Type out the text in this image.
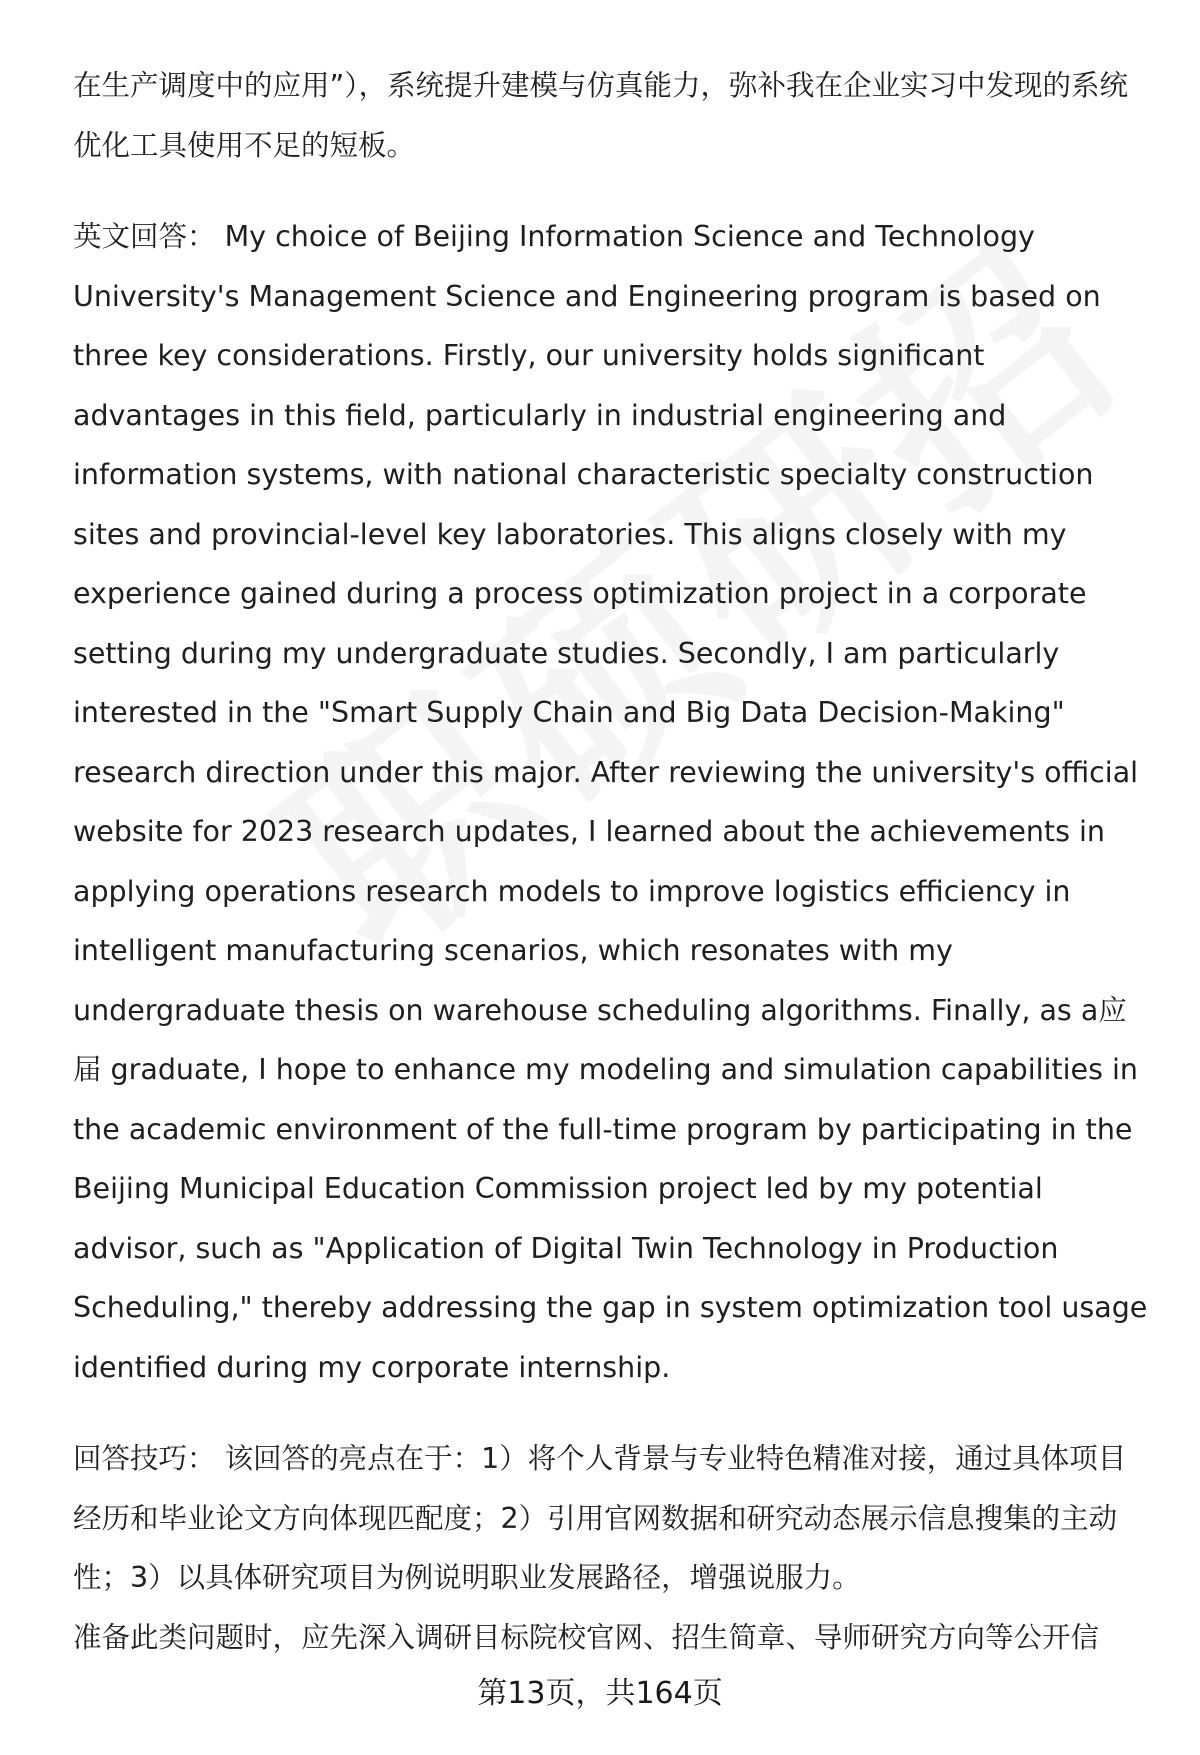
在生产调度中的应用”），系统提升建模与仿真能力，弥补我在企业实习中发现的系统优化工具使用不足的短板。

英文回答： My choice of Beijing Information Science and Technology University's Management Science and Engineering program is based on three key considerations. Firstly, our university holds significant advantages in this field, particularly in industrial engineering and information systems, with national characteristic specialty construction sites and provincial-level key laboratories. This aligns closely with my experience gained during a process optimization project in a corporate setting during my undergraduate studies. Secondly, I am particularly interested in the "Smart Supply Chain and Big Data Decision-Making" research direction under this major. After reviewing the university's official website for 2023 research updates, I learned about the achievements in applying operations research models to improve logistics efficiency in intelligent manufacturing scenarios, which resonates with my undergraduate thesis on warehouse scheduling algorithms. Finally, as a应届 graduate, I hope to enhance my modeling and simulation capabilities in the academic environment of the full-time program by participating in the Beijing Municipal Education Commission project led by my potential advisor, such as "Application of Digital Twin Technology in Production Scheduling," thereby addressing the gap in system optimization tool usage identified during my corporate internship.

回答技巧： 该回答的亮点在于：1）将个人背景与专业特色精准对接，通过具体项目经历和毕业论文方向体现匹配度；2）引用官网数据和研究动态展示信息搜集的主动性；3）以具体研究项目为例说明职业发展路径，增强说服力。

准备此类问题时，应先深入调研目标院校官网、招生简章、导师研究方向等公开信

第13页，共164页
